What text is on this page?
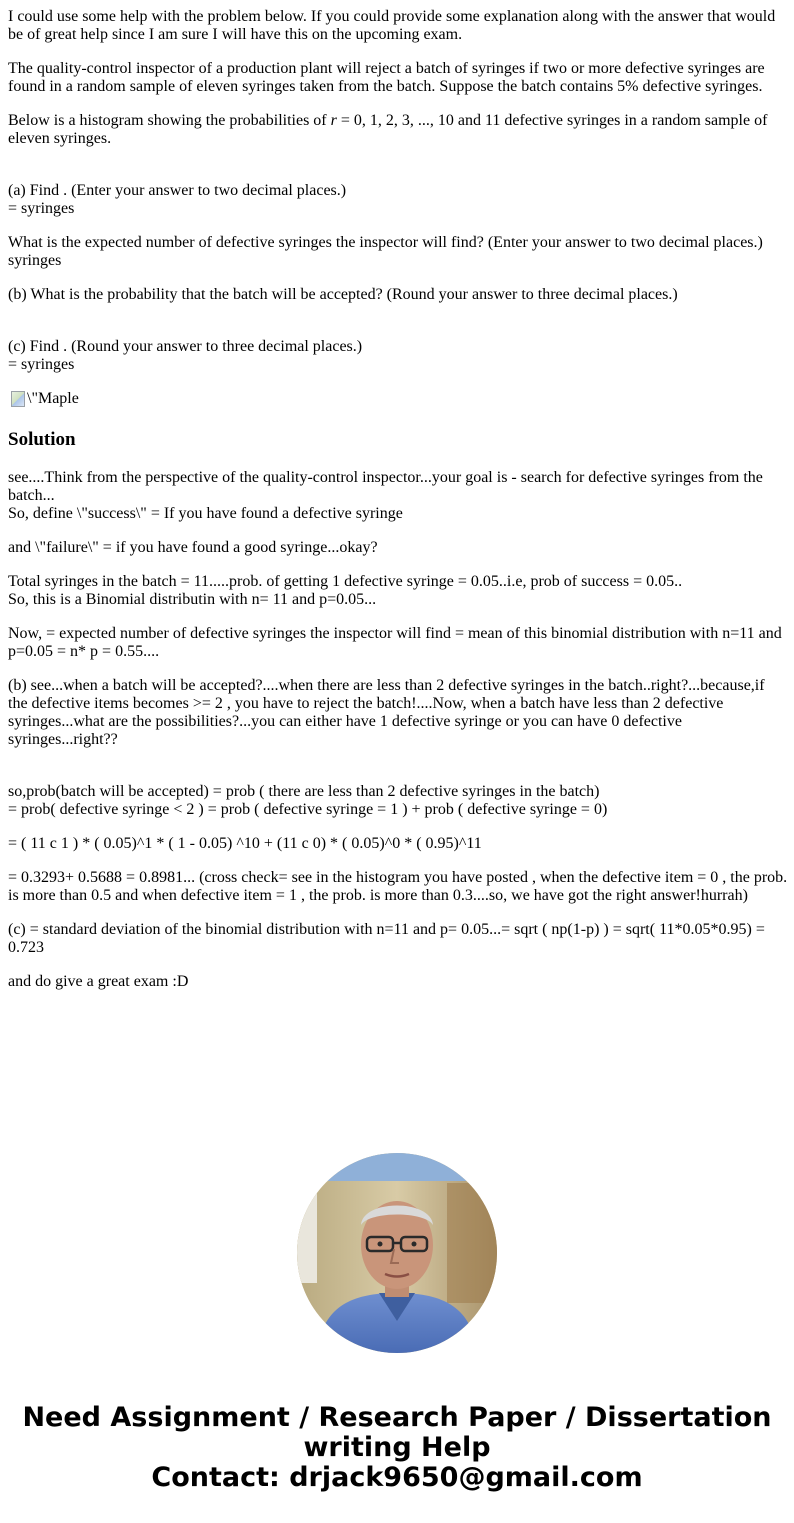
I could use some help with the problem below. If you could provide some explanation along with the answer that would be of great help since I am sure I will have this on the upcoming exam.

The quality-control inspector of a production plant will reject a batch of syringes if two or more defective syringes are found in a random sample of eleven syringes taken from the batch. Suppose the batch contains 5% defective syringes.

Below is a histogram showing the probabilities of r = 0, 1, 2, 3, ..., 10 and 11 defective syringes in a random sample of eleven syringes.

(a) Find . (Enter your answer to two decimal places.)
= syringes

What is the expected number of defective syringes the inspector will find? (Enter your answer to two decimal places.)
syringes

(b) What is the probability that the batch will be accepted? (Round your answer to three decimal places.)

(c) Find . (Round your answer to three decimal places.)
= syringes

\"Maple

Solution

see....Think from the perspective of the quality-control inspector...your goal is - search for defective syringes from the batch...
So, define \"success\" = If you have found a defective syringe

and \"failure\" = if you have found a good syringe...okay?

Total syringes in the batch = 11.....prob. of getting 1 defective syringe = 0.05..i.e, prob of success = 0.05..
So, this is a Binomial distributin with n= 11 and p=0.05...

Now, = expected number of defective syringes the inspector will find = mean of this binomial distribution with n=11 and p=0.05 = n* p = 0.55....

(b) see...when a batch will be accepted?....when there are less than 2 defective syringes in the batch..right?...because,if the defective items becomes >= 2 , you have to reject the batch!....Now, when a batch have less than 2 defective syringes...what are the possibilities?...you can either have 1 defective syringe or you can have 0 defective syringes...right??

so,prob(batch will be accepted) = prob ( there are less than 2 defective syringes in the batch)
= prob( defective syringe < 2 ) = prob ( defective syringe = 1 ) + prob ( defective syringe = 0)

= ( 11 c 1 ) * ( 0.05)^1 * ( 1 - 0.05) ^10 + (11 c 0) * ( 0.05)^0 * ( 0.95)^11

= 0.3293+ 0.5688 = 0.8981... (cross check= see in the histogram you have posted , when the defective item = 0 , the prob. is more than 0.5 and when defective item = 1 , the prob. is more than 0.3....so, we have got the right answer!hurrah)

(c) = standard deviation of the binomial distribution with n=11 and p= 0.05...= sqrt ( np(1-p) ) = sqrt( 11*0.05*0.95) = 0.723

and do give a great exam :D

Need Assignment / Research Paper / Dissertation
writing Help
Contact: drjack9650@gmail.com
